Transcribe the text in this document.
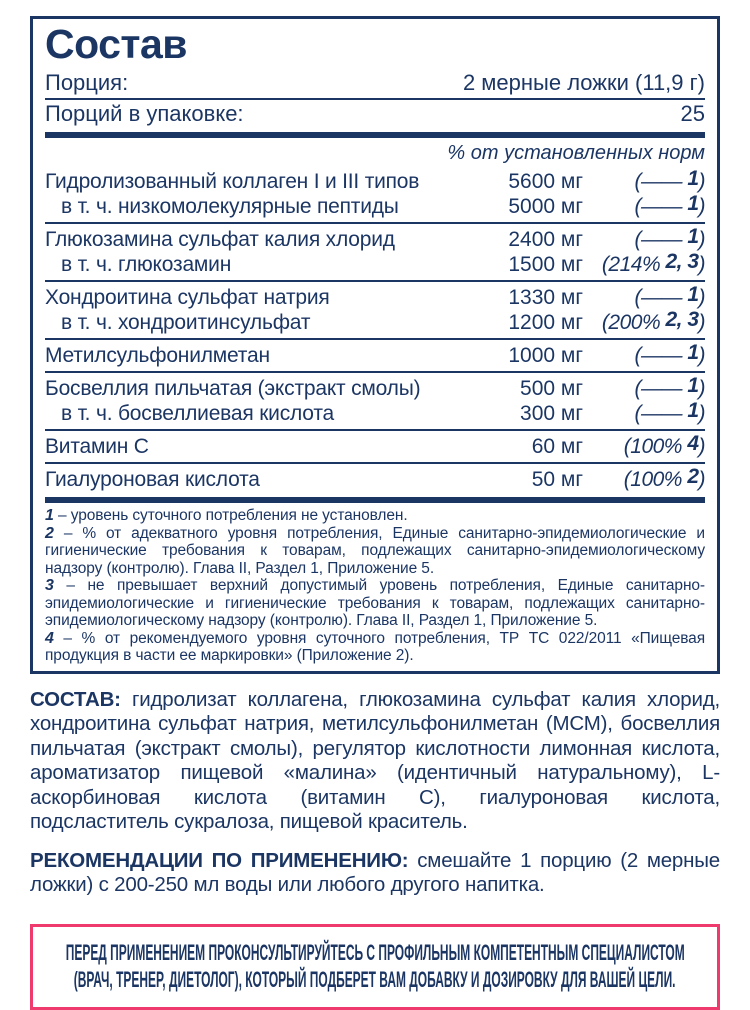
Состав
Порция:	2 мерные ложки (11,9 г)
Порций в упаковке:	25
% от установленных норм
Гидролизованный коллаген I и III типов	5600 мг	(—— 1)
в т. ч. низкомолекулярные пептиды	5000 мг	(—— 1)
Глюкозамина сульфат калия хлорид	2400 мг	(—— 1)
в т. ч. глюкозамин	1500 мг (214% 2, 3)
Хондроитина сульфат натрия	1330 мг	(—— 1)
в т. ч. хондроитинсульфат	1200 мг (200% 2, 3)
Метилсульфонилметан	1000 мг	(—— 1)
Босвеллия пильчатая (экстракт смолы)	500 мг	(—— 1)
в т. ч. босвеллиевая кислота	300 мг	(—— 1)
Витамин C	60 мг	(100% 4)
Гиалуроновая кислота	50 мг	(100% 2)

1 – уровень суточного потребления не установлен.

2 – % от адекватного уровня потребления, Единые санитарно-эпидемиологические и гигиенические требования к товарам, подлежащих санитарно-эпидемиологическому надзору (контролю). Глава II, Раздел 1, Приложение 5.

3 – не превышает верхний допустимый уровень потребления, Единые санитарно-эпидемиологические и гигиенические требования к товарам, подлежащих санитарно-эпидемиологическому надзору (контролю). Глава II, Раздел 1, Приложение 5.

4 – % от рекомендуемого уровня суточного потребления, ТР ТС 022/2011 «Пищевая продукция в части ее маркировки» (Приложение 2).

СОСТАВ: гидролизат коллагена, глюкозамина сульфат калия хлорид, хондроитина сульфат натрия, метилсульфонилметан (МСМ), босвеллия пильчатая (экстракт смолы), регулятор кислотности лимонная кислота, ароматизатор пищевой «малина» (идентичный натуральному), L-аскорбиновая кислота (витамин С), гиалуроновая кислота, подсластитель сукралоза, пищевой краситель.

РЕКОМЕНДАЦИИ ПО ПРИМЕНЕНИЮ: смешайте 1 порцию (2 мерные ложки) с 200-250 мл воды или любого другого напитка.

ПЕРЕД ПРИМЕНЕНИЕМ ПРОКОНСУЛЬТИРУЙТЕСЬ С ПРОФИЛЬНЫМ КОМПЕТЕНТНЫМ СПЕЦИАЛИСТОМ
(ВРАЧ, ТРЕНЕР, ДИЕТОЛОГ), КОТОРЫЙ ПОДБЕРЕТ ВАМ ДОБАВКУ И ДОЗИРОВКУ ДЛЯ ВАШЕЙ ЦЕЛИ.
